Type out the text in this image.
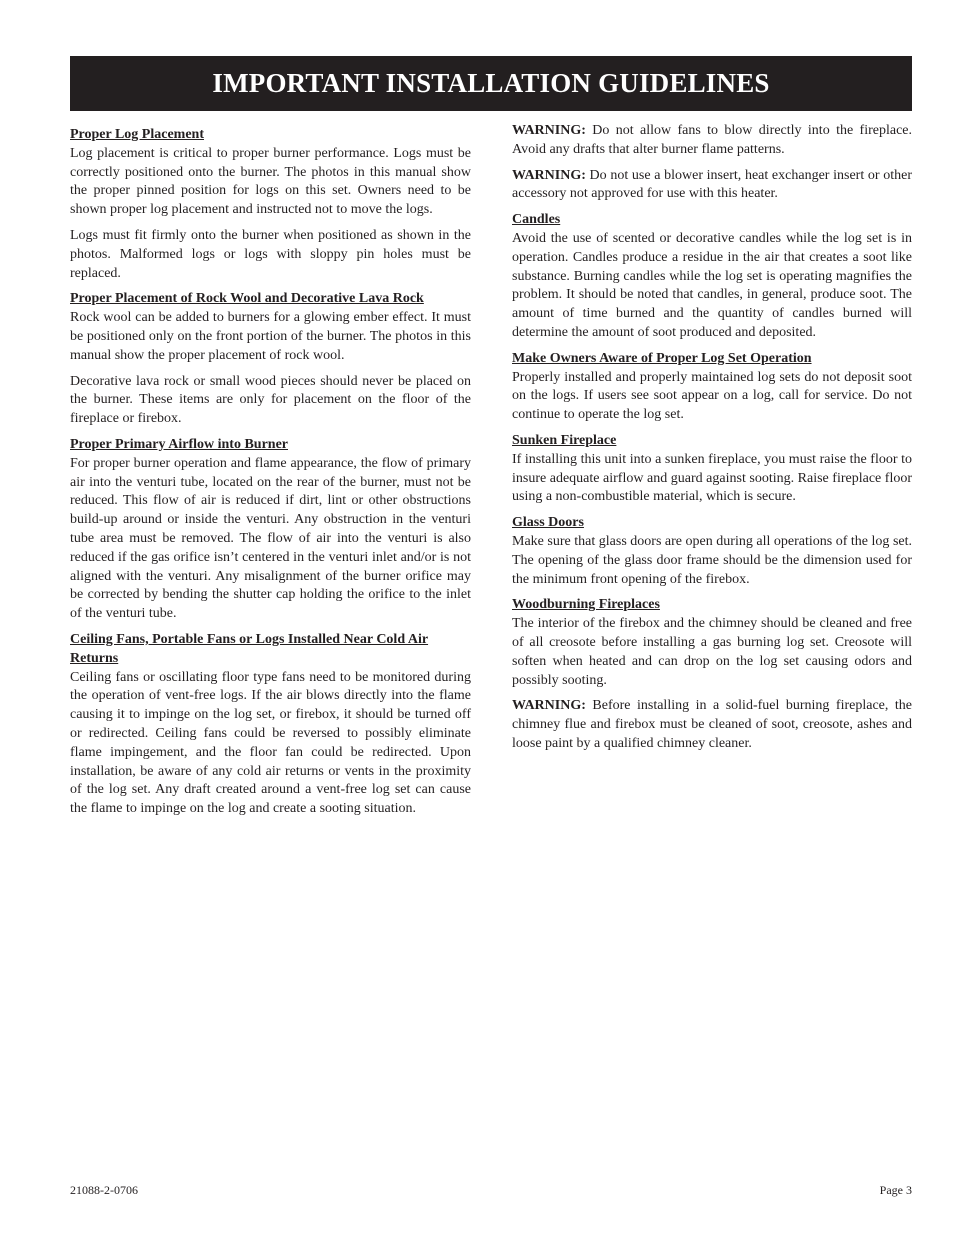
IMPORTANT INSTALLATION GUIDELINES
Proper Log Placement

Log placement is critical to proper burner performance. Logs must be correctly positioned onto the burner. The photos in this manual show the proper pinned position for logs on this set. Owners need to be shown proper log placement and instructed not to move the logs.

Logs must fit firmly onto the burner when positioned as shown in the photos. Malformed logs or logs with sloppy pin holes must be replaced.

Proper Placement of Rock Wool and Decorative Lava Rock

Rock wool can be added to burners for a glowing ember effect. It must be positioned only on the front portion of the burner. The photos in this manual show the proper placement of rock wool.

Decorative lava rock or small wood pieces should never be placed on the burner. These items are only for placement on the floor of the fireplace or firebox.

Proper Primary Airflow into Burner

For proper burner operation and flame appearance, the flow of primary air into the venturi tube, located on the rear of the burner, must not be reduced. This flow of air is reduced if dirt, lint or other obstructions build-up around or inside the venturi. Any obstruction in the venturi tube area must be removed. The flow of air into the venturi is also reduced if the gas orifice isn’t centered in the venturi inlet and/or is not aligned with the venturi. Any misalignment of the burner orifice may be corrected by bending the shutter cap holding the orifice to the inlet of the venturi tube.

Ceiling Fans, Portable Fans or Logs Installed Near Cold Air Returns

Ceiling fans or oscillating floor type fans need to be monitored during the operation of vent-free logs. If the air blows directly into the flame causing it to impinge on the log set, or firebox, it should be turned off or redirected. Ceiling fans could be reversed to possibly eliminate flame impingement, and the floor fan could be redirected. Upon installation, be aware of any cold air returns or vents in the proximity of the log set. Any draft created around a vent-free log set can cause the flame to impinge on the log and create a sooting situation.

WARNING: Do not allow fans to blow directly into the fireplace. Avoid any drafts that alter burner flame patterns.

WARNING: Do not use a blower insert, heat exchanger insert or other accessory not approved for use with this heater.

Candles

Avoid the use of scented or decorative candles while the log set is in operation. Candles produce a residue in the air that creates a soot like substance. Burning candles while the log set is operating magnifies the problem. It should be noted that candles, in general, produce soot. The amount of time burned and the quantity of candles burned will determine the amount of soot produced and deposited.

Make Owners Aware of Proper Log Set Operation

Properly installed and properly maintained log sets do not deposit soot on the logs. If users see soot appear on a log, call for service. Do not continue to operate the log set.

Sunken Fireplace

If installing this unit into a sunken fireplace, you must raise the floor to insure adequate airflow and guard against sooting. Raise fireplace floor using a non-combustible material, which is secure.

Glass Doors

Make sure that glass doors are open during all operations of the log set. The opening of the glass door frame should be the dimension used for the minimum front opening of the firebox.

Woodburning Fireplaces

The interior of the firebox and the chimney should be cleaned and free of all creosote before installing a gas burning log set. Creosote will soften when heated and can drop on the log set causing odors and possibly sooting.

WARNING: Before installing in a solid-fuel burning fireplace, the chimney flue and firebox must be cleaned of soot, creosote, ashes and loose paint by a qualified chimney cleaner.

21088-2-0706	Page 3
